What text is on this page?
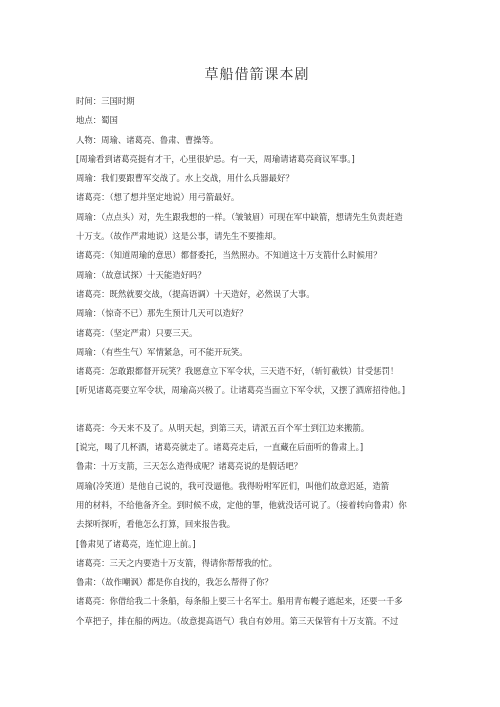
草船借箭课本剧
时间：三国时期
地点：蜀国
人物：周瑜、诸葛亮、鲁肃、曹操等。
[周瑜看到诸葛亮挺有才干，心里很妒忌。有一天，周瑜请诸葛亮商议军事。]
周瑜：我们要跟曹军交战了。水上交战，用什么兵器最好？
诸葛亮：（想了想并坚定地说）用弓箭最好。
周瑜：（点点头）对，先生跟我想的一样。（皱皱眉）可现在军中缺箭，想请先生负责赶造
十万支。（故作严肃地说）这是公事，请先生不要推却。
诸葛亮：（知道周瑜的意思）都督委托，当然照办。不知道这十万支箭什么时候用？
周瑜：（故意试探）十天能造好吗？
诸葛亮：既然就要交战，（提高语调）十天造好，必然误了大事。
周瑜：（惊奇不已）那先生预计几天可以造好？
诸葛亮：（坚定严肃）只要三天。
周瑜：（有些生气）军情紧急，可不能开玩笑。
诸葛亮：怎敢跟都督开玩笑？我愿意立下军令状，三天造不好，（斩钉截铁）甘受惩罚！
[听见诸葛亮要立军令状，周瑜高兴极了。让诸葛亮当面立下军令状，又摆了酒席招待他。]
诸葛亮：今天来不及了。从明天起，到第三天，请派五百个军士到江边来搬箭。
[说完，喝了几杯酒，诸葛亮就走了。诸葛亮走后，一直藏在后面听的鲁肃上。]
鲁肃：十万支箭，三天怎么造得成呢？诸葛亮说的是假话吧？
周瑜(冷笑道）是他自己说的，我可没逼他。我得吩咐军匠们，叫他们故意迟延，造箭
用的材料，不给他备齐全。到时候不成，定他的罪，他就没话可说了。（接着转向鲁肃）你
去探听探听，看他怎么打算，回来报告我。
[鲁肃见了诸葛亮，连忙迎上前。]
诸葛亮：三天之内要造十万支箭，得请你帮帮我的忙。
鲁肃：（故作嘲讽）都是你自找的，我怎么帮得了你？
诸葛亮：你借给我二十条船，每条船上要三十名军士。船用青布幔子遮起来，还要一千多
个草把子，排在船的两边。（故意提高语气）我自有妙用。第三天保管有十万支箭。不过
